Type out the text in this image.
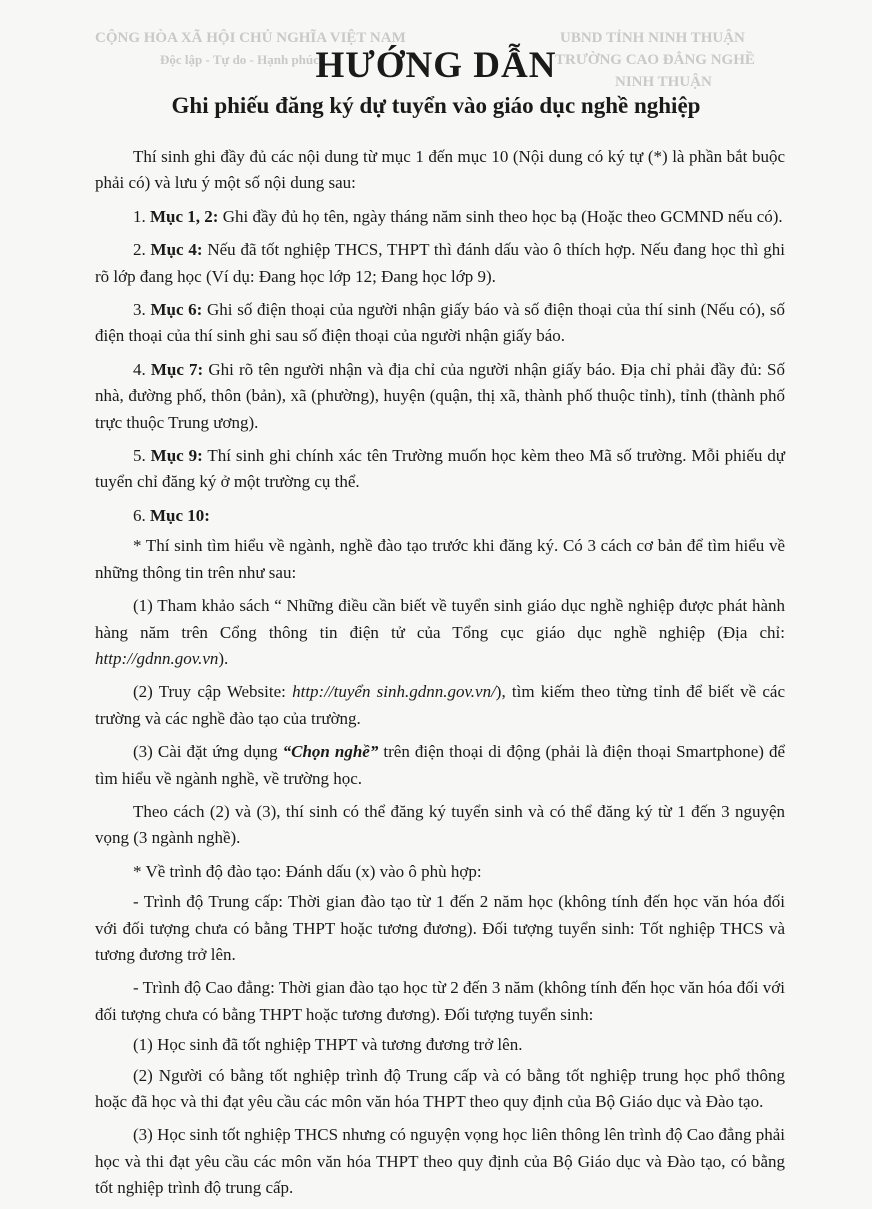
CỘNG HÒA XÃ HỘI CHỦ NGHĨA VIỆT NAM
Độc lập - Tự do - Hạnh phúc
UBND TỈNH NINH THUẬN
TRƯỜNG CAO ĐẲNG NGHỀ
NINH THUẬN
HƯỚNG DẪN
Ghi phiếu đăng ký dự tuyển vào giáo dục nghề nghiệp

Thí sinh ghi đầy đủ các nội dung từ mục 1 đến mục 10 (Nội dung có ký tự (*) là phần bắt buộc phải có) và lưu ý một số nội dung sau:

1. Mục 1, 2: Ghi đầy đủ họ tên, ngày tháng năm sinh theo học bạ (Hoặc theo GCMND nếu có).

2. Mục 4: Nếu đã tốt nghiệp THCS, THPT thì đánh dấu vào ô thích hợp. Nếu đang học thì ghi rõ lớp đang học (Ví dụ: Đang học lớp 12; Đang học lớp 9).

3. Mục 6: Ghi số điện thoại của người nhận giấy báo và số điện thoại của thí sinh (Nếu có), số điện thoại của thí sinh ghi sau số điện thoại của người nhận giấy báo.

4. Mục 7: Ghi rõ tên người nhận và địa chỉ của người nhận giấy báo. Địa chỉ phải đầy đủ: Số nhà, đường phố, thôn (bản), xã (phường), huyện (quận, thị xã, thành phố thuộc tỉnh), tỉnh (thành phố trực thuộc Trung ương).

5. Mục 9: Thí sinh ghi chính xác tên Trường muốn học kèm theo Mã số trường. Mỗi phiếu dự tuyển chỉ đăng ký ở một trường cụ thể.

6. Mục 10:

* Thí sinh tìm hiểu về ngành, nghề đào tạo trước khi đăng ký. Có 3 cách cơ bản để tìm hiểu về những thông tin trên như sau:

(1) Tham khảo sách “ Những điều cần biết về tuyển sinh giáo dục nghề nghiệp được phát hành hàng năm trên Cổng thông tin điện tử của Tổng cục giáo dục nghề nghiệp (Địa chỉ: http://gdnn.gov.vn).

(2) Truy cập Website: http://tuyển sinh.gdnn.gov.vn/), tìm kiếm theo từng tỉnh để biết về các trường và các nghề đào tạo của trường.

(3) Cài đặt ứng dụng “Chọn nghề” trên điện thoại di động (phải là điện thoại Smartphone) để tìm hiểu về ngành nghề, về trường học.

Theo cách (2) và (3), thí sinh có thể đăng ký tuyển sinh và có thể đăng ký từ 1 đến 3 nguyện vọng (3 ngành nghề).

* Về trình độ đào tạo: Đánh dấu (x) vào ô phù hợp:

- Trình độ Trung cấp: Thời gian đào tạo từ 1 đến 2 năm học (không tính đến học văn hóa đối với đối tượng chưa có bằng THPT hoặc tương đương). Đối tượng tuyển sinh: Tốt nghiệp THCS và tương đương trở lên.

- Trình độ Cao đẳng: Thời gian đào tạo học từ 2 đến 3 năm (không tính đến học văn hóa đối với đối tượng chưa có bằng THPT hoặc tương đương). Đối tượng tuyển sinh:

(1) Học sinh đã tốt nghiệp THPT và tương đương trở lên.

(2) Người có bằng tốt nghiệp trình độ Trung cấp và có bằng tốt nghiệp trung học phổ thông hoặc đã học và thi đạt yêu cầu các môn văn hóa THPT theo quy định của Bộ Giáo dục và Đào tạo.

(3) Học sinh tốt nghiệp THCS nhưng có nguyện vọng học liên thông lên trình độ Cao đẳng phải học và thi đạt yêu cầu các môn văn hóa THPT theo quy định của Bộ Giáo dục và Đào tạo, có bằng tốt nghiệp trình độ trung cấp.
